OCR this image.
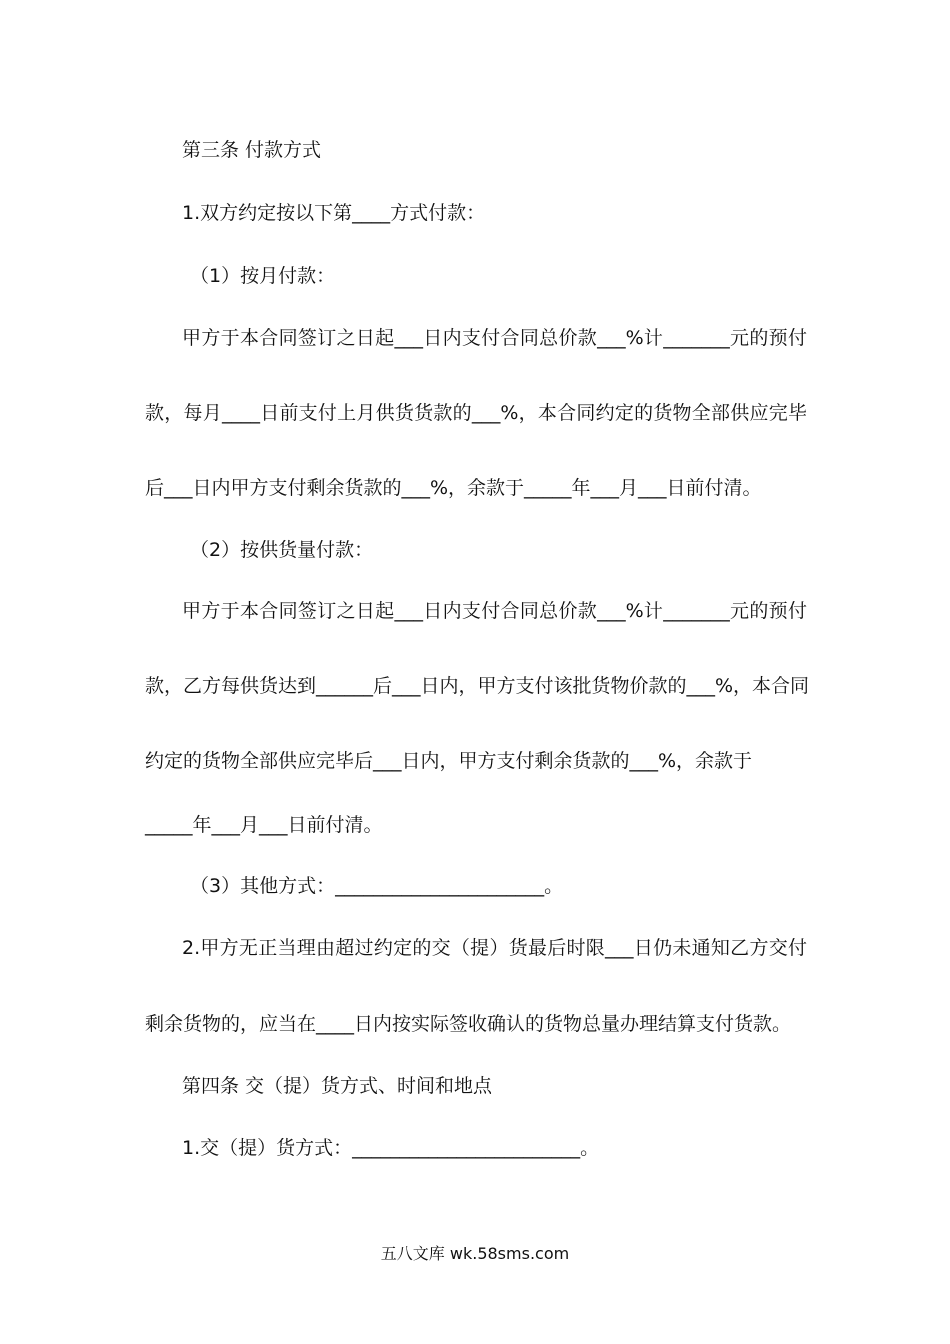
第三条 付款方式
1.双方约定按以下第____方式付款：
（1）按月付款：
甲方于本合同签订之日起___日内支付合同总价款___%计_______元的预付
款，每月____日前支付上月供货货款的___%，本合同约定的货物全部供应完毕
后___日内甲方支付剩余货款的___%，余款于_____年___月___日前付清。
（2）按供货量付款：
甲方于本合同签订之日起___日内支付合同总价款___%计_______元的预付
款，乙方每供货达到______后___日内，甲方支付该批货物价款的___%，本合同
约定的货物全部供应完毕后___日内，甲方支付剩余货款的___%，余款于
_____年___月___日前付清。
（3）其他方式：______________________。
2.甲方无正当理由超过约定的交（提）货最后时限___日仍未通知乙方交付
剩余货物的，应当在____日内按实际签收确认的货物总量办理结算支付货款。
第四条 交（提）货方式、时间和地点
1.交（提）货方式：________________________。
五八文库 wk.58sms.com
